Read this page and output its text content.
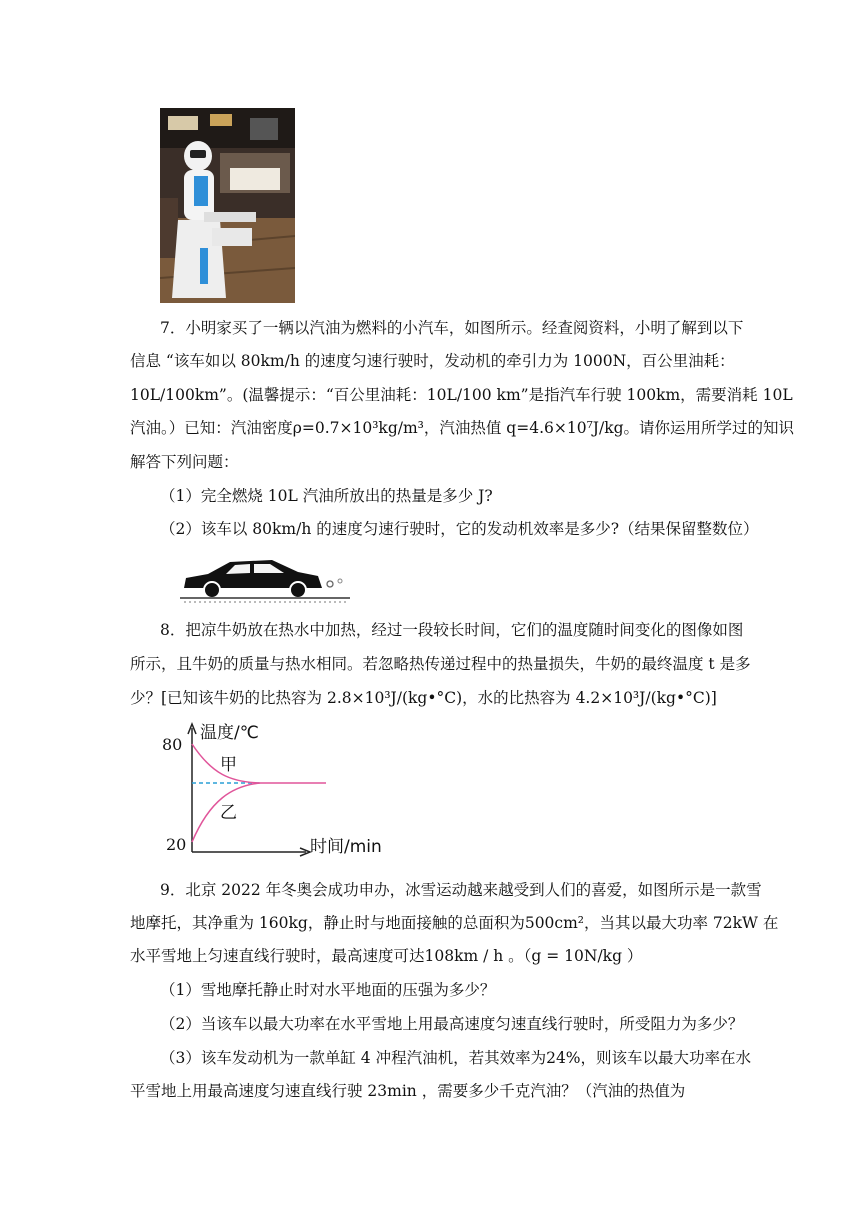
7．小明家买了一辆以汽油为燃料的小汽车，如图所示。经查阅资料，小明了解到以下
信息 “该车如以 80km/h 的速度匀速行驶时，发动机的牵引力为 1000N，百公里油耗：
10L/100km”。(温馨提示：“百公里油耗：10L/100 km”是指汽车行驶 100km，需要消耗 10L
汽油。）已知：汽油密度ρ=0.7×10³kg/m³，汽油热值 q=4.6×10⁷J/kg。请你运用所学过的知识
解答下列问题：
（1）完全燃烧 10L 汽油所放出的热量是多少 J?
（2）该车以 80km/h 的速度匀速行驶时，它的发动机效率是多少?（结果保留整数位）
8．把凉牛奶放在热水中加热，经过一段较长时间，它们的温度随时间变化的图像如图
所示，且牛奶的质量与热水相同。若忽略热传递过程中的热量损失，牛奶的最终温度 t 是多
少？[已知该牛奶的比热容为 2.8×10³J/(kg•°C)，水的比热容为 4.2×10³J/(kg•°C)]
温度/℃
80
20
甲
乙
时间/min
9．北京 2022 年冬奥会成功申办，冰雪运动越来越受到人们的喜爱，如图所示是一款雪
地摩托，其净重为 160kg，静止时与地面接触的总面积为500cm²，当其以最大功率 72kW 在
水平雪地上匀速直线行驶时，最高速度可达108km / h 。（g = 10N/kg ）
（1）雪地摩托静止时对水平地面的压强为多少？
（2）当该车以最大功率在水平雪地上用最高速度匀速直线行驶时，所受阻力为多少？
（3）该车发动机为一款单缸 4 冲程汽油机，若其效率为24%，则该车以最大功率在水
平雪地上用最高速度匀速直线行驶 23min ，需要多少千克汽油？（汽油的热值为
